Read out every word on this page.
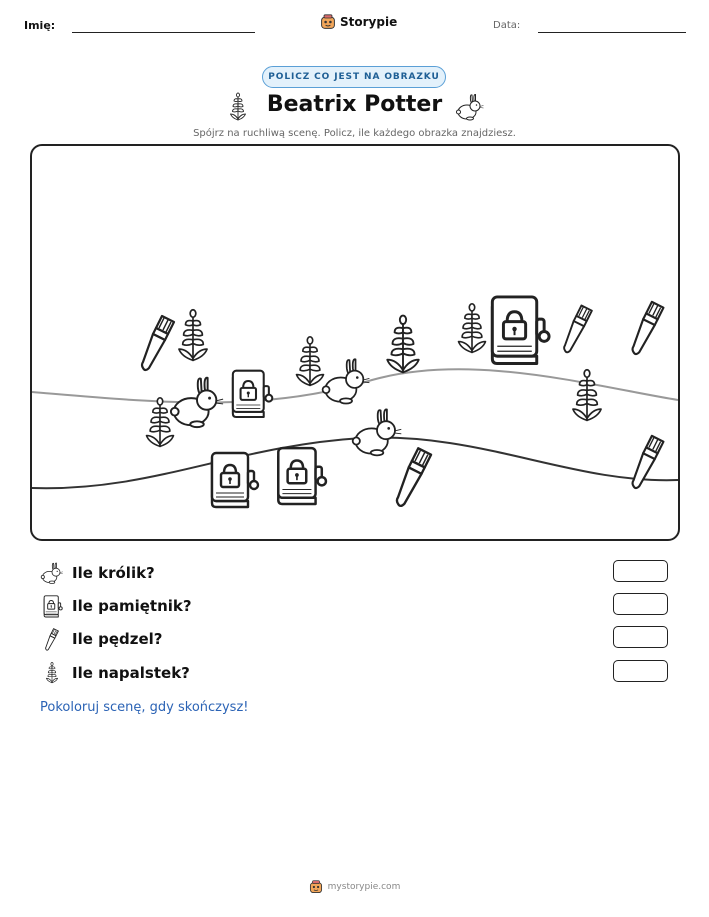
Imię:	Storypie	Data:
POLICZ CO JEST NA OBRAZKU
Beatrix Potter
Spójrz na ruchliwą scenę. Policz, ile każdego obrazka znajdziesz.
Ile królik?
Ile pamiętnik?
Ile pędzel?
Ile napalstek?
Pokoloruj scenę, gdy skończysz!
mystorypie.com
